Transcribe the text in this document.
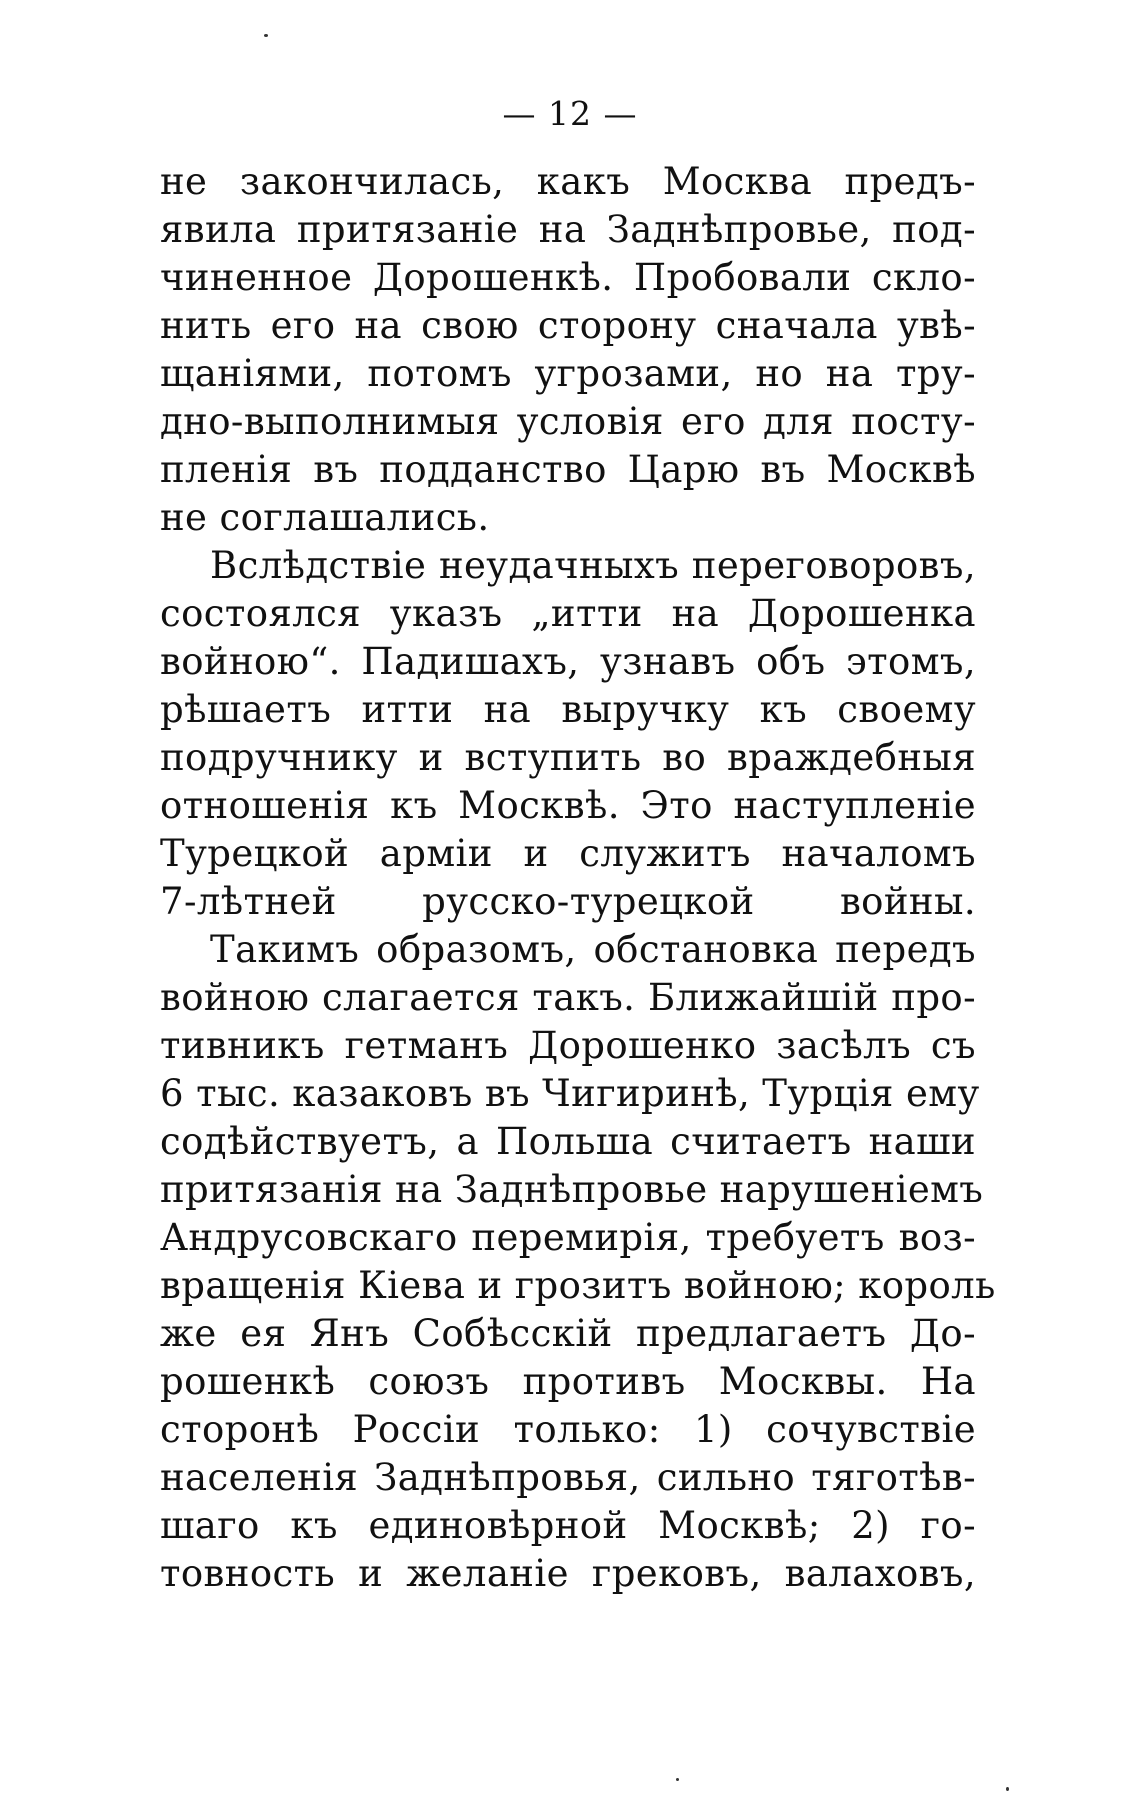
— 12 —
не закончилась, какъ Москва предъ-
явила притязаніе на Заднѣпровье, под-
чиненное Дорошенкѣ. Пробовали скло-
нить его на свою сторону сначала увѣ-
щаніями, потомъ угрозами, но на тру-
дно-выполнимыя условія его для посту-
пленія въ подданство Царю въ Москвѣ
не соглашались.
Вслѣдствіе неудачныхъ переговоровъ,
состоялся указъ „итти на Дорошенка
войною“. Падишахъ, узнавъ объ этомъ,
рѣшаетъ итти на выручку къ своему
подручнику и вступить во враждебныя
отношенія къ Москвѣ. Это наступленіе
Турецкой арміи и служитъ началомъ
7-лѣтней русско-турецкой войны.
Такимъ образомъ, обстановка передъ
войною слагается такъ. Ближайшій про-
тивникъ гетманъ Дорошенко засѣлъ съ
6 тыс. казаковъ въ Чигиринѣ, Турція ему
содѣйствуетъ, а Польша считаетъ наши
притязанія на Заднѣпровье нарушеніемъ
Андрусовскаго перемирія, требуетъ воз-
вращенія Кіева и грозитъ войною; король
же ея Янъ Собѣсскій предлагаетъ До-
рошенкѣ союзъ противъ Москвы. На
сторонѣ Россіи только: 1) сочувствіе
населенія Заднѣпровья, сильно тяготѣв-
шаго къ единовѣрной Москвѣ; 2) го-
товность и желаніе грековъ, валаховъ,
